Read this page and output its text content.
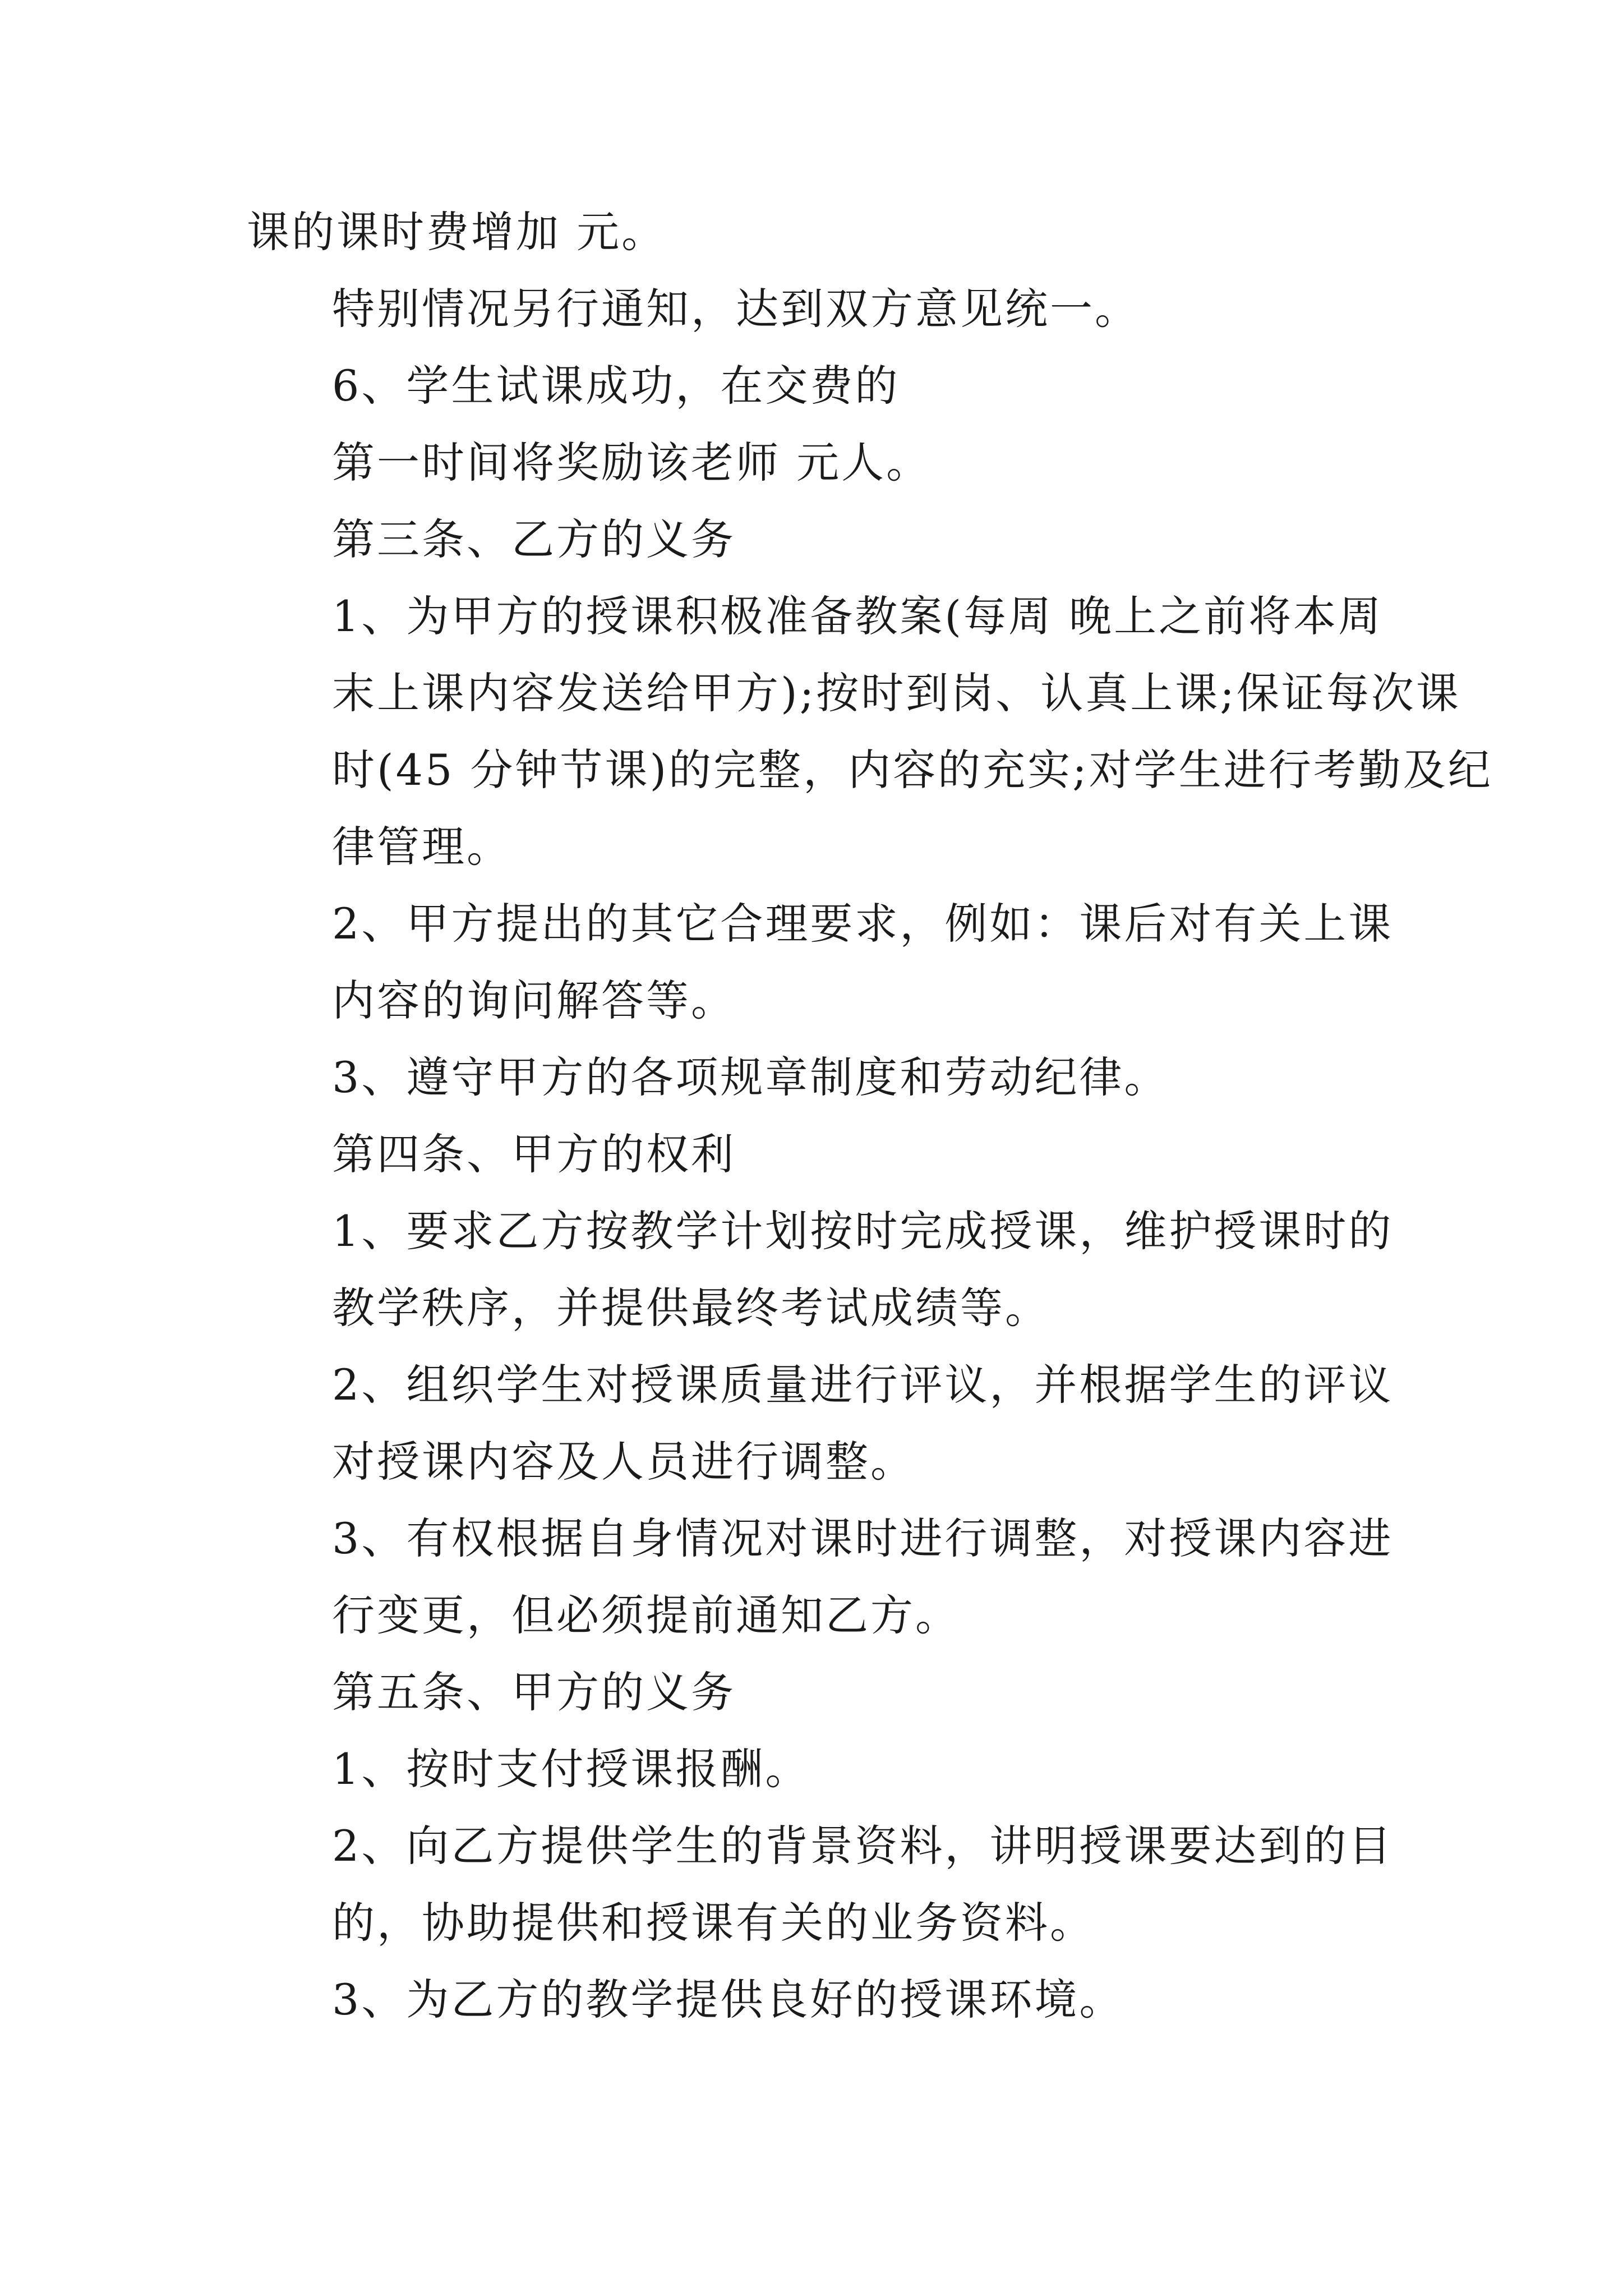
课的课时费增加 元。

特别情况另行通知，达到双方意见统一。

6、学生试课成功，在交费的

第一时间将奖励该老师 元人。

第三条、乙方的义务

1、为甲方的授课积极准备教案(每周 晚上之前将本周
末上课内容发送给甲方);按时到岗、认真上课;保证每次课
时(45 分钟节课)的完整，内容的充实;对学生进行考勤及纪
律管理。

2、甲方提出的其它合理要求，例如：课后对有关上课
内容的询问解答等。

3、遵守甲方的各项规章制度和劳动纪律。

第四条、甲方的权利

1、要求乙方按教学计划按时完成授课，维护授课时的
教学秩序，并提供最终考试成绩等。

2、组织学生对授课质量进行评议，并根据学生的评议
对授课内容及人员进行调整。

3、有权根据自身情况对课时进行调整，对授课内容进
行变更，但必须提前通知乙方。

第五条、甲方的义务

1、按时支付授课报酬。

2、向乙方提供学生的背景资料，讲明授课要达到的目
的，协助提供和授课有关的业务资料。

3、为乙方的教学提供良好的授课环境。
